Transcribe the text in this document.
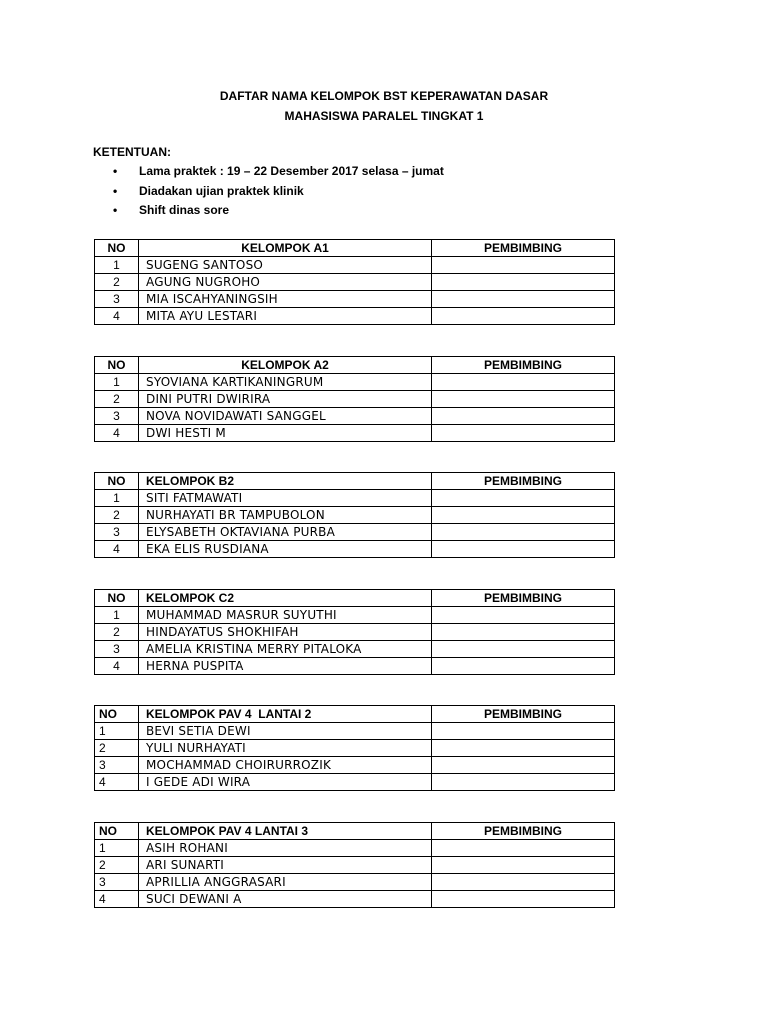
DAFTAR NAMA KELOMPOK BST KEPERAWATAN DASAR
MAHASISWA PARALEL TINGKAT 1
KETENTUAN:
• Lama praktek : 19 – 22 Desember 2017 selasa – jumat
• Diadakan ujian praktek klinik
• Shift dinas sore
NO	KELOMPOK A1	PEMBIMBING
1	SUGENG SANTOSO	
2	AGUNG NUGROHO	
3	MIA ISCAHYANINGSIH	
4	MITA AYU LESTARI	
NO	KELOMPOK A2	PEMBIMBING
1	SYOVIANA KARTIKANINGRUM	
2	DINI PUTRI DWIRIRA	
3	NOVA NOVIDAWATI SANGGEL	
4	DWI HESTI M	
NO	KELOMPOK B2	PEMBIMBING
1	SITI FATMAWATI	
2	NURHAYATI BR TAMPUBOLON	
3	ELYSABETH OKTAVIANA PURBA	
4	EKA ELIS RUSDIANA	
NO	KELOMPOK C2	PEMBIMBING
1	MUHAMMAD MASRUR SUYUTHI	
2	HINDAYATUS SHOKHIFAH	
3	AMELIA KRISTINA MERRY PITALOKA	
4	HERNA PUSPITA	
NO	KELOMPOK PAV 4  LANTAI 2	PEMBIMBING
1	BEVI SETIA DEWI	
2	YULI NURHAYATI	
3	MOCHAMMAD CHOIRURROZIK	
4	I GEDE ADI WIRA	
NO	KELOMPOK PAV 4 LANTAI 3	PEMBIMBING
1	ASIH ROHANI	
2	ARI SUNARTI	
3	APRILLIA ANGGRASARI	
4	SUCI DEWANI A	
